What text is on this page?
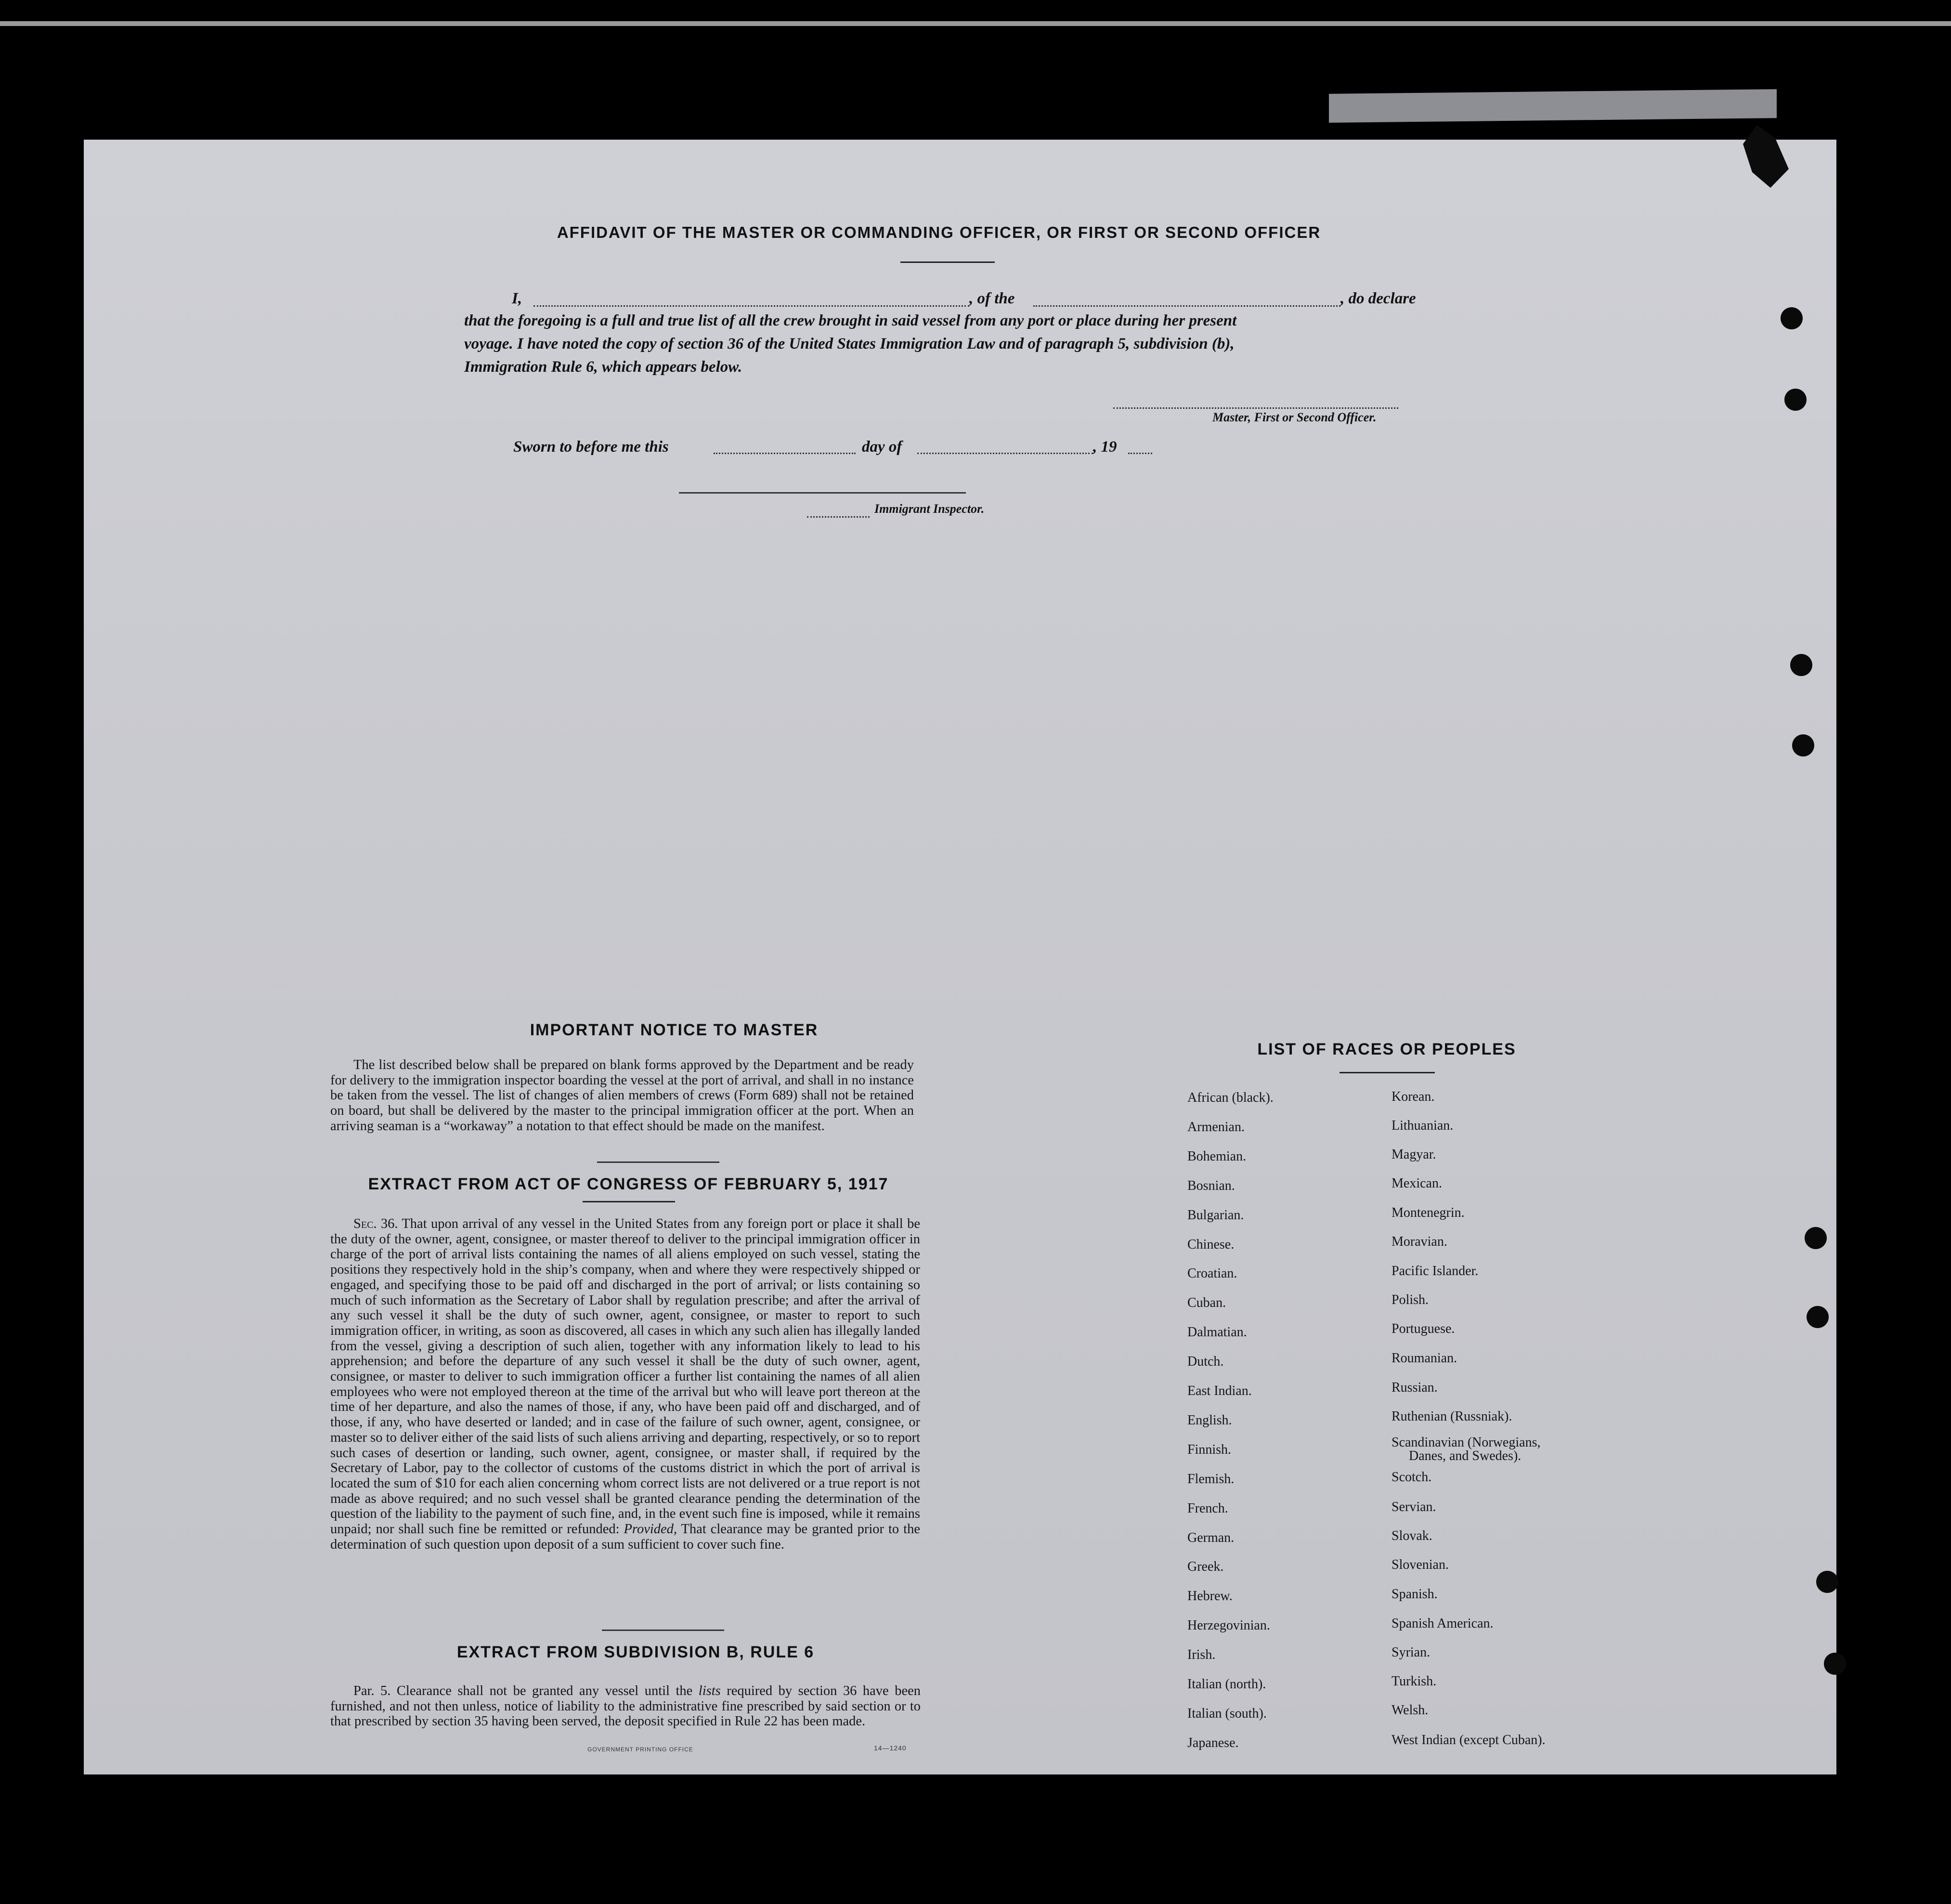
AFFIDAVIT OF THE MASTER OR COMMANDING OFFICER, OR FIRST OR SECOND OFFICER
I,	, of the	, do declare
that the foregoing is a full and true list of all the crew brought in said vessel from any port or place during her present
voyage. I have noted the copy of section 36 of the United States Immigration Law and of paragraph 5, subdivision (b),
Immigration Rule 6, which appears below.
Master, First or Second Officer.
Sworn to before me this	day of	, 19
Immigrant Inspector.
IMPORTANT NOTICE TO MASTER

The list described below shall be prepared on blank forms approved by the Department and be ready for delivery to the immigration inspector boarding the vessel at the port of arrival, and shall in no instance be taken from the vessel. The list of changes of alien members of crews (Form 689) shall not be retained on board, but shall be delivered by the master to the principal immigration officer at the port. When an arriving seaman is a “workaway” a notation to that effect should be made on the manifest.

EXTRACT FROM ACT OF CONGRESS OF FEBRUARY 5, 1917

Sec. 36. That upon arrival of any vessel in the United States from any foreign port or place it shall be the duty of the owner, agent, consignee, or master thereof to deliver to the principal immigration officer in charge of the port of arrival lists containing the names of all aliens employed on such vessel, stating the positions they respectively hold in the ship’s company, when and where they were respectively shipped or engaged, and specifying those to be paid off and discharged in the port of arrival; or lists containing so much of such information as the Secretary of Labor shall by regulation prescribe; and after the arrival of any such vessel it shall be the duty of such owner, agent, consignee, or master to report to such immigration officer, in writing, as soon as discovered, all cases in which any such alien has illegally landed from the vessel, giving a description of such alien, together with any information likely to lead to his apprehension; and before the departure of any such vessel it shall be the duty of such owner, agent, consignee, or master to deliver to such immigration officer a further list containing the names of all alien employees who were not employed thereon at the time of the arrival but who will leave port thereon at the time of her departure, and also the names of those, if any, who have been paid off and discharged, and of those, if any, who have deserted or landed; and in case of the failure of such owner, agent, consignee, or master so to deliver either of the said lists of such aliens arriving and departing, respectively, or so to report such cases of desertion or landing, such owner, agent, consignee, or master shall, if required by the Secretary of Labor, pay to the collector of customs of the customs district in which the port of arrival is located the sum of $10 for each alien concerning whom correct lists are not delivered or a true report is not made as above required; and no such vessel shall be granted clearance pending the determination of the question of the liability to the payment of such fine, and, in the event such fine is imposed, while it remains unpaid; nor shall such fine be remitted or refunded: Provided, That clearance may be granted prior to the determination of such question upon deposit of a sum sufficient to cover such fine.

EXTRACT FROM SUBDIVISION B, RULE 6

Par. 5. Clearance shall not be granted any vessel until the lists required by section 36 have been furnished, and not then unless, notice of liability to the administrative fine prescribed by said section or to that prescribed by section 35 having been served, the deposit specified in Rule 22 has been made.

GOVERNMENT PRINTING OFFICE	14—1240
LIST OF RACES OR PEOPLES
African (black).
Armenian.
Bohemian.
Bosnian.
Bulgarian.
Chinese.
Croatian.
Cuban.
Dalmatian.
Dutch.
East Indian.
English.
Finnish.
Flemish.
French.
German.
Greek.
Hebrew.
Herzegovinian.
Irish.
Italian (north).
Italian (south).
Japanese.
Korean.
Lithuanian.
Magyar.
Mexican.
Montenegrin.
Moravian.
Pacific Islander.
Polish.
Portuguese.
Roumanian.
Russian.
Ruthenian (Russniak).
Scandinavian (Norwegians,
Danes, and Swedes).
Scotch.
Servian.
Slovak.
Slovenian.
Spanish.
Spanish American.
Syrian.
Turkish.
Welsh.
West Indian (except Cuban).
